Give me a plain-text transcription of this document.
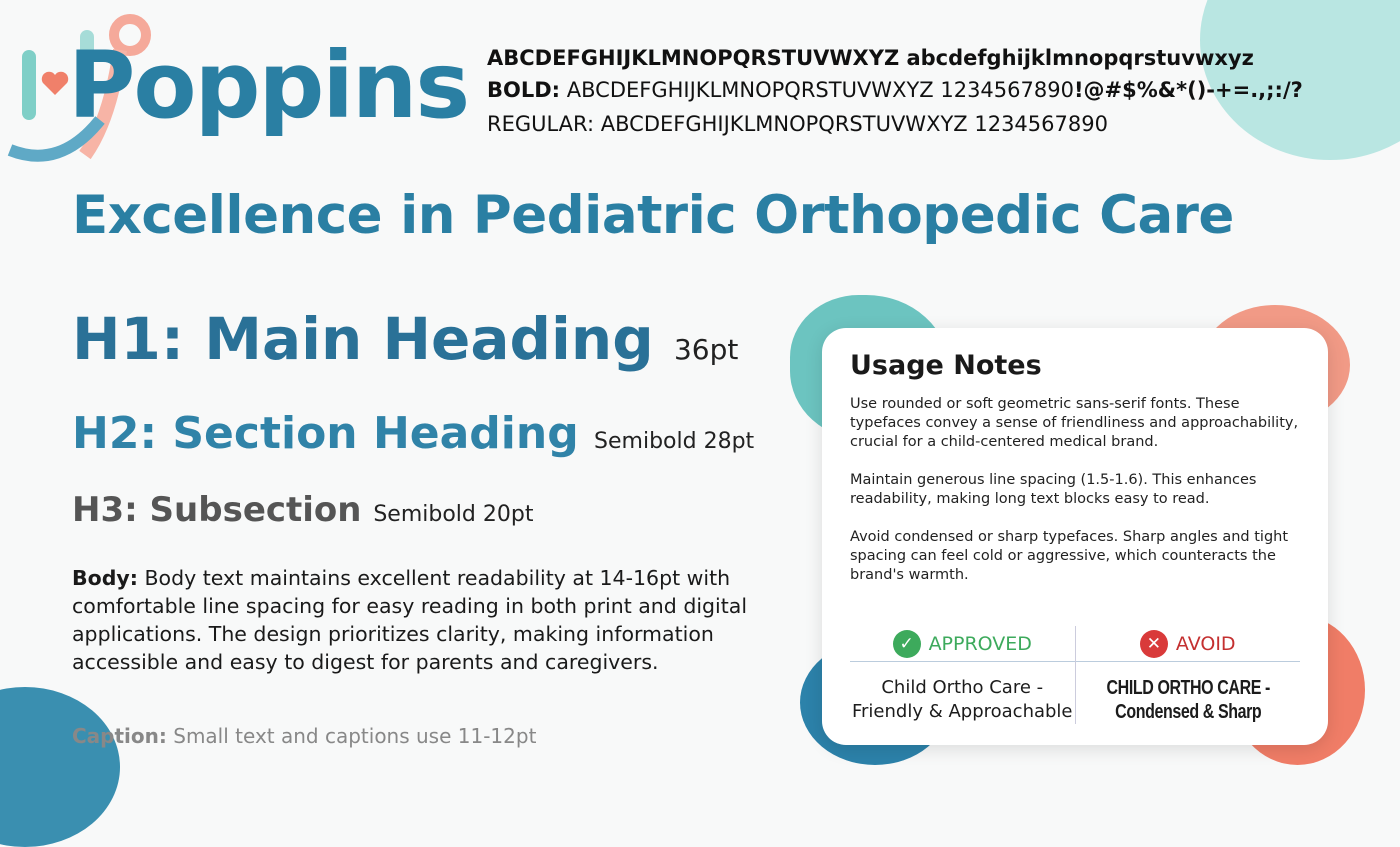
Poppins ABCDEFGHIJKLMNOPQRSTUVWXYZ abcdefghijklmnopqrstuvwxyz
BOLD: ABCDEFGHIJKLMNOPQRSTUVWXYZ 1234567890!@#$%&*()-+=.,;:/?
REGULAR: ABCDEFGHIJKLMNOPQRSTUVWXYZ 1234567890
Excellence in Pediatric Orthopedic Care
H1: Main Heading 36pt
H2: Section Heading Semibold 28pt
H3: Subsection Semibold 20pt
Body: Body text maintains excellent readability at 14-16pt with comfortable line spacing for easy reading in both print and digital applications. The design prioritizes clarity, making information accessible and easy to digest for parents and caregivers.
Caption: Small text and captions use 11-12pt
Usage Notes

Use rounded or soft geometric sans-serif fonts. These typefaces convey a sense of friendliness and approachability, crucial for a child-centered medical brand.

Maintain generous line spacing (1.5-1.6). This enhances readability, making long text blocks easy to read.

Avoid condensed or sharp typefaces. Sharp angles and tight spacing can feel cold or aggressive, which counteracts the brand's warmth.

✓ APPROVED
Child Ortho Care -
Friendly & Approachable
✕ AVOID
CHILD ORTHO CARE -
Condensed & Sharp
